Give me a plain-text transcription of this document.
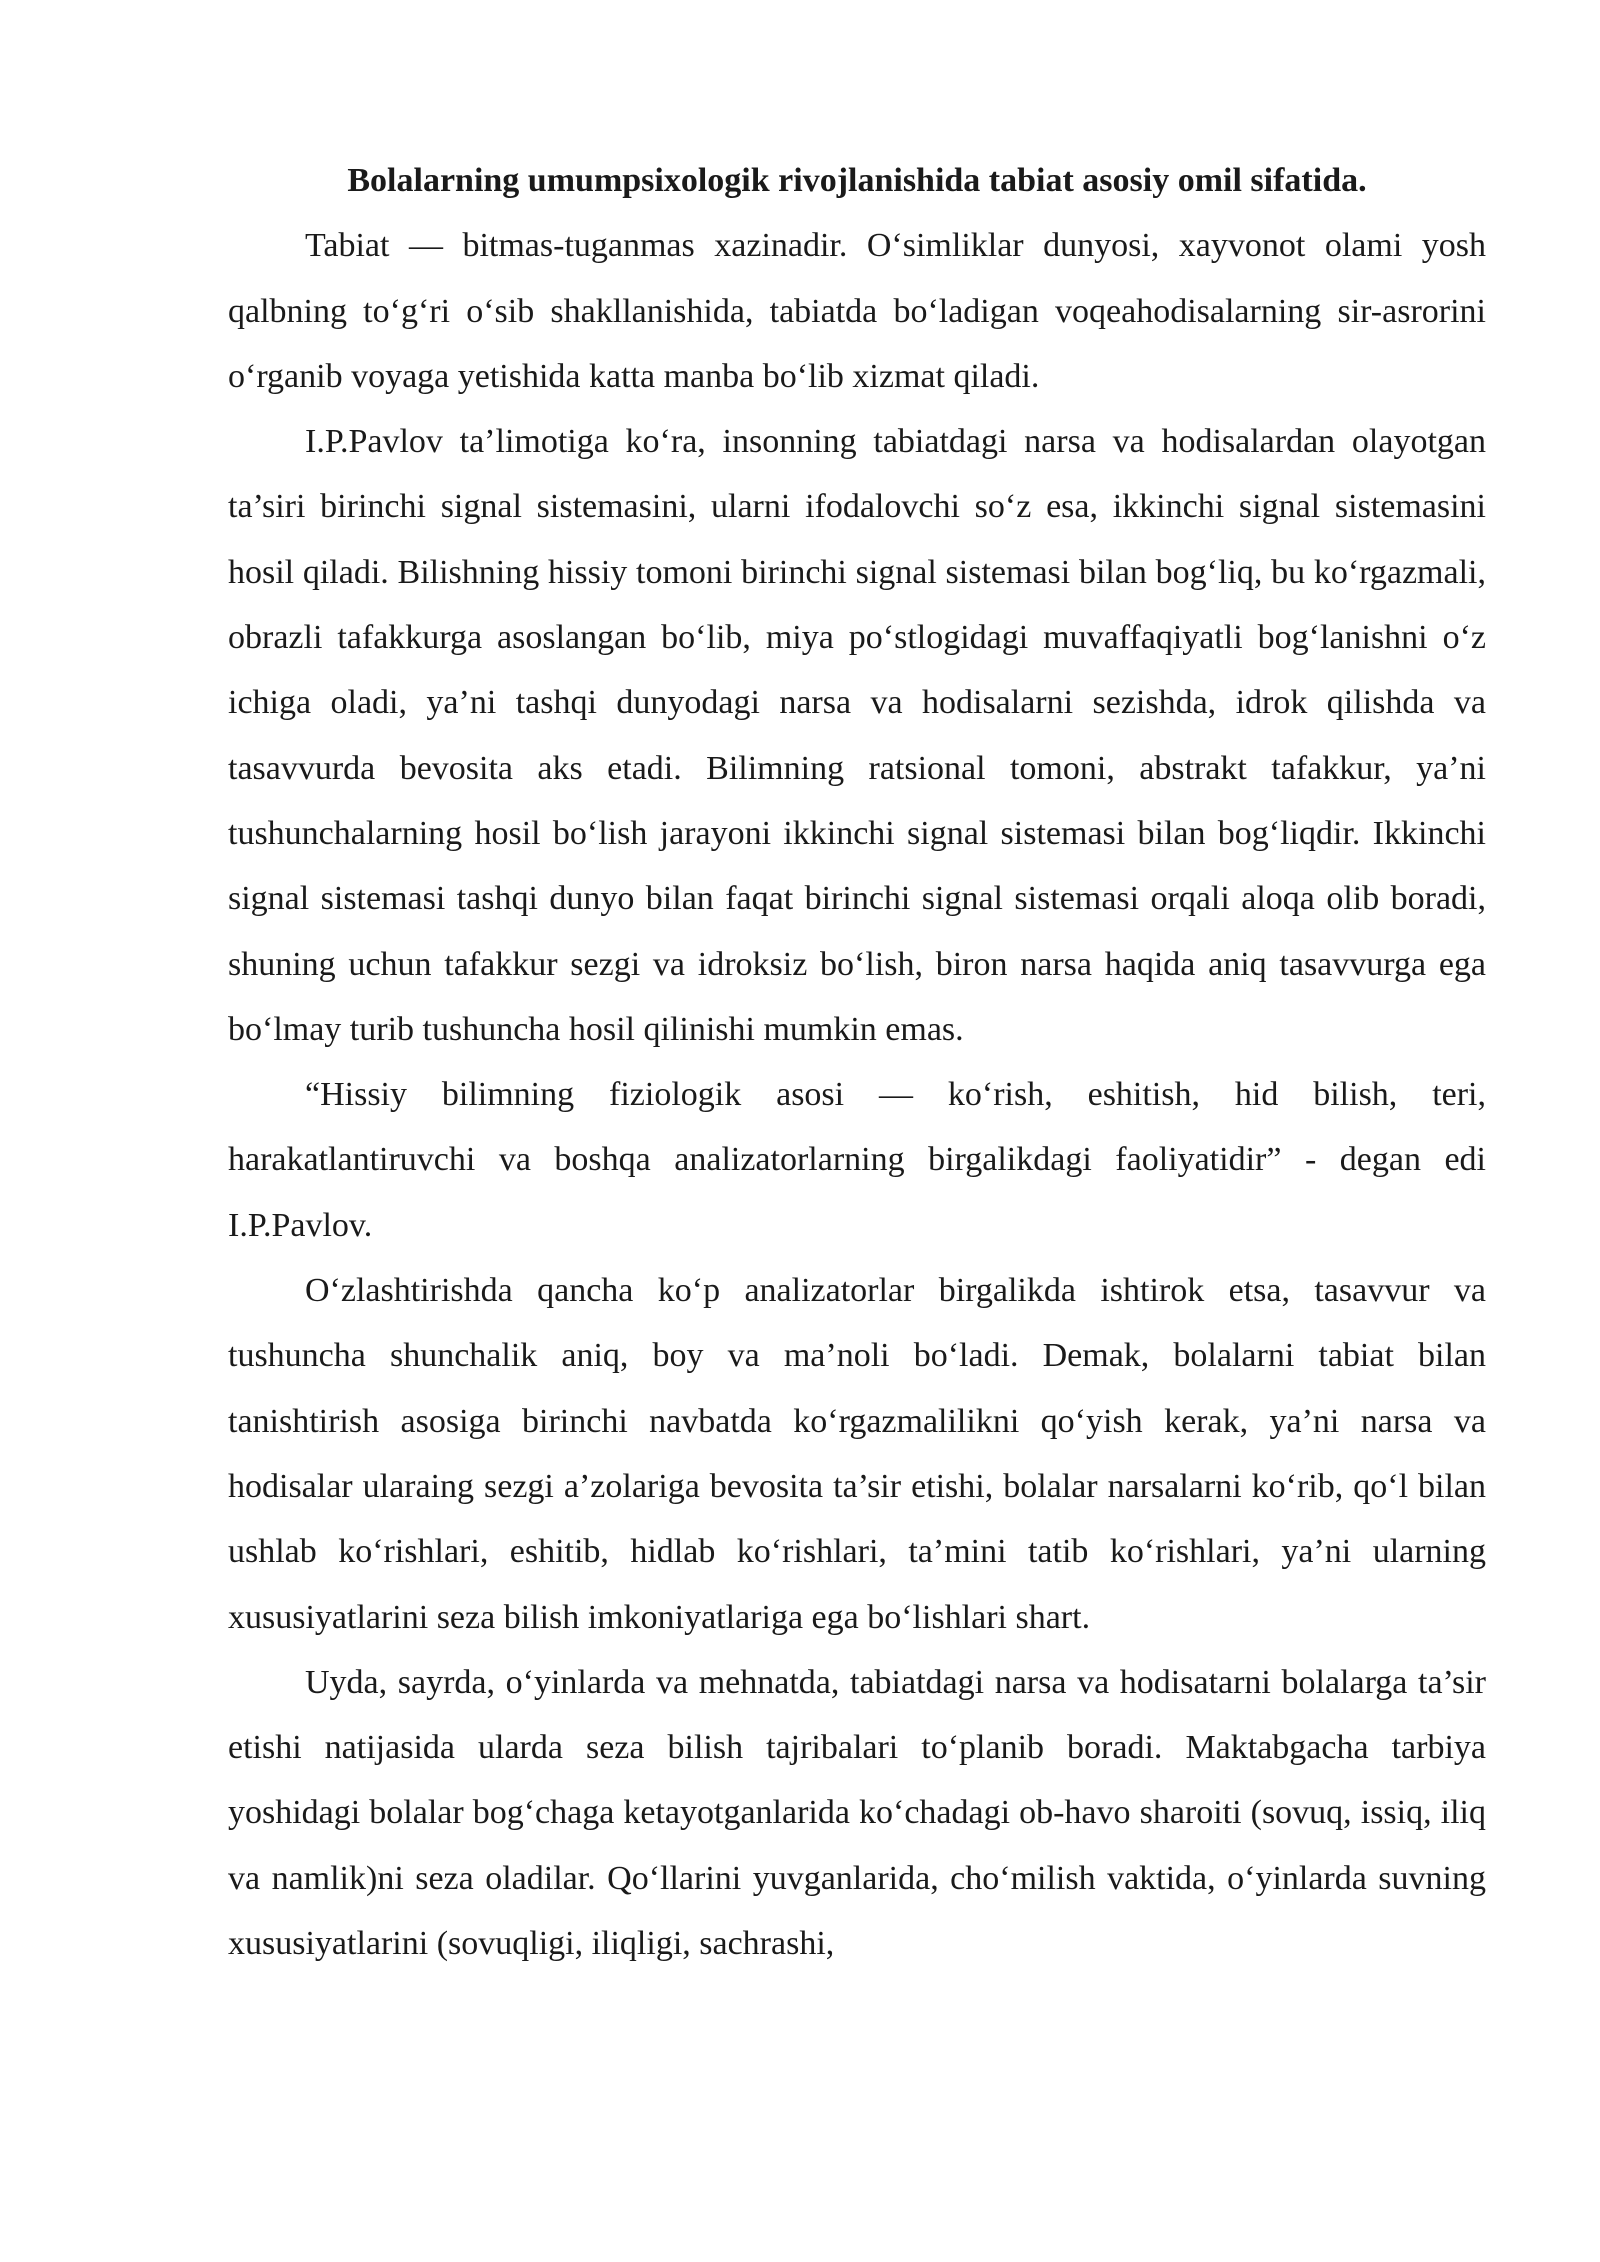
Bolalarning umumpsixologik rivojlanishida tabiat asosiy omil sifatida.

Tabiat — bitmas-tuganmas xazinadir. O‘simliklar dunyosi, xayvonot olami yosh qalbning to‘g‘ri o‘sib shakllanishida, tabiatda bo‘ladigan voqeahodisalarning sir-asrorini o‘rganib voyaga yetishida katta manba bo‘lib xizmat qiladi.

I.P.Pavlov ta’limotiga ko‘ra, insonning tabiatdagi narsa va hodisalardan olayotgan ta’siri birinchi signal sistemasini, ularni ifodalovchi so‘z esa, ikkinchi signal sistemasini hosil qiladi. Bilishning hissiy tomoni birinchi signal sistemasi bilan bog‘liq, bu ko‘rgazmali, obrazli tafakkurga asoslangan bo‘lib, miya po‘stlogidagi muvaffaqiyatli bog‘lanishni o‘z ichiga oladi, ya’ni tashqi dunyodagi narsa va hodisalarni sezishda, idrok qilishda va tasavvurda bevosita aks etadi. Bilimning ratsional tomoni, abstrakt tafakkur, ya’ni tushunchalarning hosil bo‘lish jarayoni ikkinchi signal sistemasi bilan bog‘liqdir. Ikkinchi signal sistemasi tashqi dunyo bilan faqat birinchi signal sistemasi orqali aloqa olib boradi, shuning uchun tafakkur sezgi va idroksiz bo‘lish, biron narsa haqida aniq tasavvurga ega bo‘lmay turib tushuncha hosil qilinishi mumkin emas.

“Hissiy bilimning fiziologik asosi — ko‘rish, eshitish, hid bilish, teri, harakatlantiruvchi va boshqa analizatorlarning birgalikdagi faoliyatidir” - degan edi I.P.Pavlov.

O‘zlashtirishda qancha ko‘p analizatorlar birgalikda ishtirok etsa, tasavvur va tushuncha shunchalik aniq, boy va ma’noli bo‘ladi. Demak, bolalarni tabiat bilan tanishtirish asosiga birinchi navbatda ko‘rgazmalilikni qo‘yish kerak, ya’ni narsa va hodisalar ularaing sezgi a’zolariga bevosita ta’sir etishi, bolalar narsalarni ko‘rib, qo‘l bilan ushlab ko‘rishlari, eshitib, hidlab ko‘rishlari, ta’mini tatib ko‘rishlari, ya’ni ularning xususiyatlarini seza bilish imkoniyatlariga ega bo‘lishlari shart.

Uyda, sayrda, o‘yinlarda va mehnatda, tabiatdagi narsa va hodisatarni bolalarga ta’sir etishi natijasida ularda seza bilish tajribalari to‘planib boradi. Maktabgacha tarbiya yoshidagi bolalar bog‘chaga ketayotganlarida ko‘chadagi ob-havo sharoiti (sovuq, issiq, iliq va namlik)ni seza oladilar. Qo‘llarini yuvganlarida, cho‘milish vaktida, o‘yinlarda suvning xususiyatlarini (sovuqligi, iliqligi, sachrashi,
